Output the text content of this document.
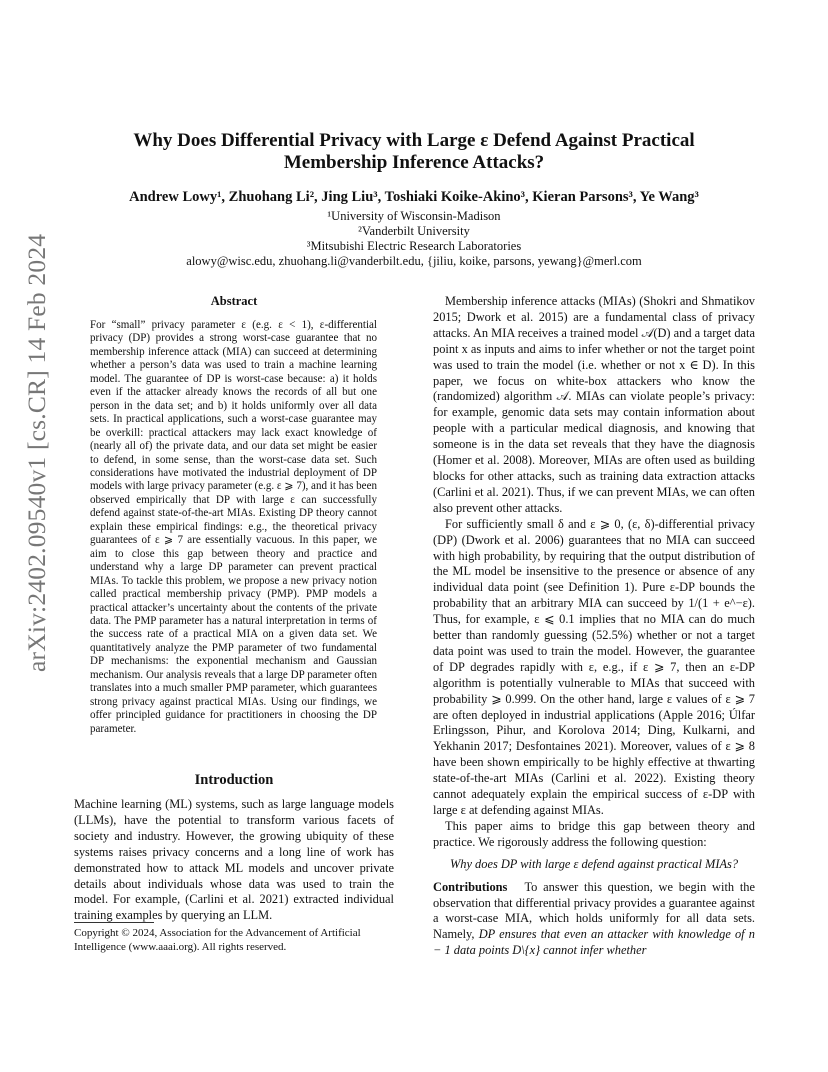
arXiv:2402.09540v1 [cs.CR] 14 Feb 2024
Why Does Differential Privacy with Large ε Defend Against Practical
Membership Inference Attacks?
Andrew Lowy¹, Zhuohang Li², Jing Liu³, Toshiaki Koike-Akino³, Kieran Parsons³, Ye Wang³
¹University of Wisconsin-Madison
²Vanderbilt University
³Mitsubishi Electric Research Laboratories
alowy@wisc.edu, zhuohang.li@vanderbilt.edu, {jiliu, koike, parsons, yewang}@merl.com
Abstract
For “small” privacy parameter ε (e.g. ε < 1), ε-differential privacy (DP) provides a strong worst-case guarantee that no membership inference attack (MIA) can succeed at determining whether a person’s data was used to train a machine learning model. The guarantee of DP is worst-case because: a) it holds even if the attacker already knows the records of all but one person in the data set; and b) it holds uniformly over all data sets. In practical applications, such a worst-case guarantee may be overkill: practical attackers may lack exact knowledge of (nearly all of) the private data, and our data set might be easier to defend, in some sense, than the worst-case data set. Such considerations have motivated the industrial deployment of DP models with large privacy parameter (e.g. ε ⩾ 7), and it has been observed empirically that DP with large ε can successfully defend against state-of-the-art MIAs. Existing DP theory cannot explain these empirical findings: e.g., the theoretical privacy guarantees of ε ⩾ 7 are essentially vacuous. In this paper, we aim to close this gap between theory and practice and understand why a large DP parameter can prevent practical MIAs. To tackle this problem, we propose a new privacy notion called practical membership privacy (PMP). PMP models a practical attacker’s uncertainty about the contents of the private data. The PMP parameter has a natural interpretation in terms of the success rate of a practical MIA on a given data set. We quantitatively analyze the PMP parameter of two fundamental DP mechanisms: the exponential mechanism and Gaussian mechanism. Our analysis reveals that a large DP parameter often translates into a much smaller PMP parameter, which guarantees strong privacy against practical MIAs. Using our findings, we offer principled guidance for practitioners in choosing the DP parameter.
Introduction
Machine learning (ML) systems, such as large language models (LLMs), have the potential to transform various facets of society and industry. However, the growing ubiquity of these systems raises privacy concerns and a long line of work has demonstrated how to attack ML models and uncover private details about individuals whose data was used to train the model. For example, (Carlini et al. 2021) extracted individual training examples by querying an LLM.
Copyright © 2024, Association for the Advancement of Artificial Intelligence (www.aaai.org). All rights reserved.

Membership inference attacks (MIAs) (Shokri and Shmatikov 2015; Dwork et al. 2015) are a fundamental class of privacy attacks. An MIA receives a trained model 𝒜(D) and a target data point x as inputs and aims to infer whether or not the target point was used to train the model (i.e. whether or not x ∈ D). In this paper, we focus on white-box attackers who know the (randomized) algorithm 𝒜. MIAs can violate people’s privacy: for example, genomic data sets may contain information about people with a particular medical diagnosis, and knowing that someone is in the data set reveals that they have the diagnosis (Homer et al. 2008). Moreover, MIAs are often used as building blocks for other attacks, such as training data extraction attacks (Carlini et al. 2021). Thus, if we can prevent MIAs, we can often also prevent other attacks.

For sufficiently small δ and ε ⩾ 0, (ε, δ)-differential privacy (DP) (Dwork et al. 2006) guarantees that no MIA can succeed with high probability, by requiring that the output distribution of the ML model be insensitive to the presence or absence of any individual data point (see Definition 1). Pure ε-DP bounds the probability that an arbitrary MIA can succeed by 1/(1 + e^−ε). Thus, for example, ε ⩽ 0.1 implies that no MIA can do much better than randomly guessing (52.5%) whether or not a target data point was used to train the model. However, the guarantee of DP degrades rapidly with ε, e.g., if ε ⩾ 7, then an ε-DP algorithm is potentially vulnerable to MIAs that succeed with probability ⩾ 0.999. On the other hand, large ε values of ε ⩾ 7 are often deployed in industrial applications (Apple 2016; Úlfar Erlingsson, Pihur, and Korolova 2014; Ding, Kulkarni, and Yekhanin 2017; Desfontaines 2021). Moreover, values of ε ⩾ 8 have been shown empirically to be highly effective at thwarting state-of-the-art MIAs (Carlini et al. 2022). Existing theory cannot adequately explain the empirical success of ε-DP with large ε at defending against MIAs.

This paper aims to bridge this gap between theory and practice. We rigorously address the following question:

Why does DP with large ε defend against practical MIAs?

Contributions To answer this question, we begin with the observation that differential privacy provides a guarantee against a worst-case MIA, which holds uniformly for all data sets. Namely, DP ensures that even an attacker with knowledge of n − 1 data points D\{x} cannot infer whether
